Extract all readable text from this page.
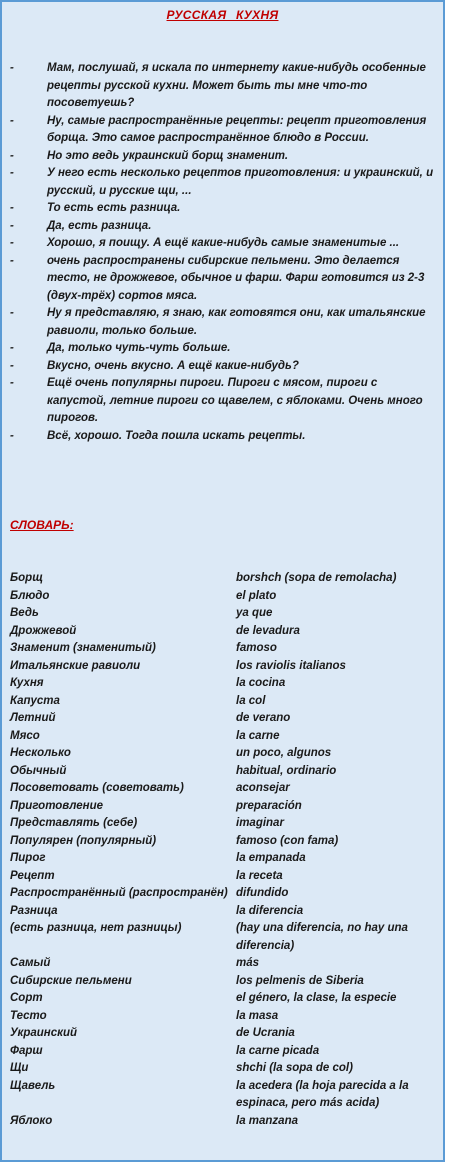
РУССКАЯ КУХНЯ
-	Мам, послушай, я искала по интернету какие-нибудь особенные рецепты русской кухни. Может быть ты мне что-то посоветуешь?
-	Ну, самые распространённые рецепты: рецепт приготовления борща. Это самое распространённое блюдо в России.
-	Но это ведь украинский борщ знаменит.
-	У него есть несколько рецептов приготовления: и украинский, и русский, и русские щи, ...
-	То есть есть разница.
-	Да, есть разница.
-	Хорошо, я поищу. А ещё какие-нибудь самые знаменитые ...
-	очень распространены сибирские пельмени. Это делается тесто, не дрожжевое, обычное и фарш. Фарш готовится из 2-3 (двух-трёх) сортов мяса.
-	Ну я представляю, я знаю, как готовятся они, как итальянские равиоли, только больше.
-	Да, только чуть-чуть больше.
-	Вкусно, очень вкусно. А ещё какие-нибудь?
-	Ещё очень популярны пироги. Пироги с мясом, пироги с капустой, летние пироги со щавелем, с яблоками. Очень много пирогов.
-	Всё, хорошо. Тогда пошла искать рецепты.
СЛОВАРЬ:
Борщ	borshch (sopa de remolacha)
Блюдо	el plato
Ведь	ya que
Дрожжевой	de levadura
Знаменит (знаменитый)	famoso
Итальянские равиоли	los raviolis italianos
Кухня	la cocina
Капуста	la col
Летний	de verano
Мясо	la carne
Несколько	un poco, algunos
Обычный	habitual, ordinario
Посоветовать (советовать)	aconsejar
Приготовление	preparación
Представлять (себе)	imaginar
Популярен (популярный)	famoso (con fama)
Пирог	la empanada
Рецепт	la receta
Распространённый (распространён) difundido
Разница	la diferencia
(есть разница, нет разницы)	(hay una diferencia, no hay una diferencia)
Самый	más
Сибирские пельмени	los pelmenis de Siberia
Сорт	el género, la clase, la especie
Тесто	la masa
Украинский	de Ucrania
Фарш	la carne picada
Щи	shchi (la sopa de col)
Щавель	la acedera (la hoja parecida a la espinaca, pero más acida)
Яблоко	la manzana
